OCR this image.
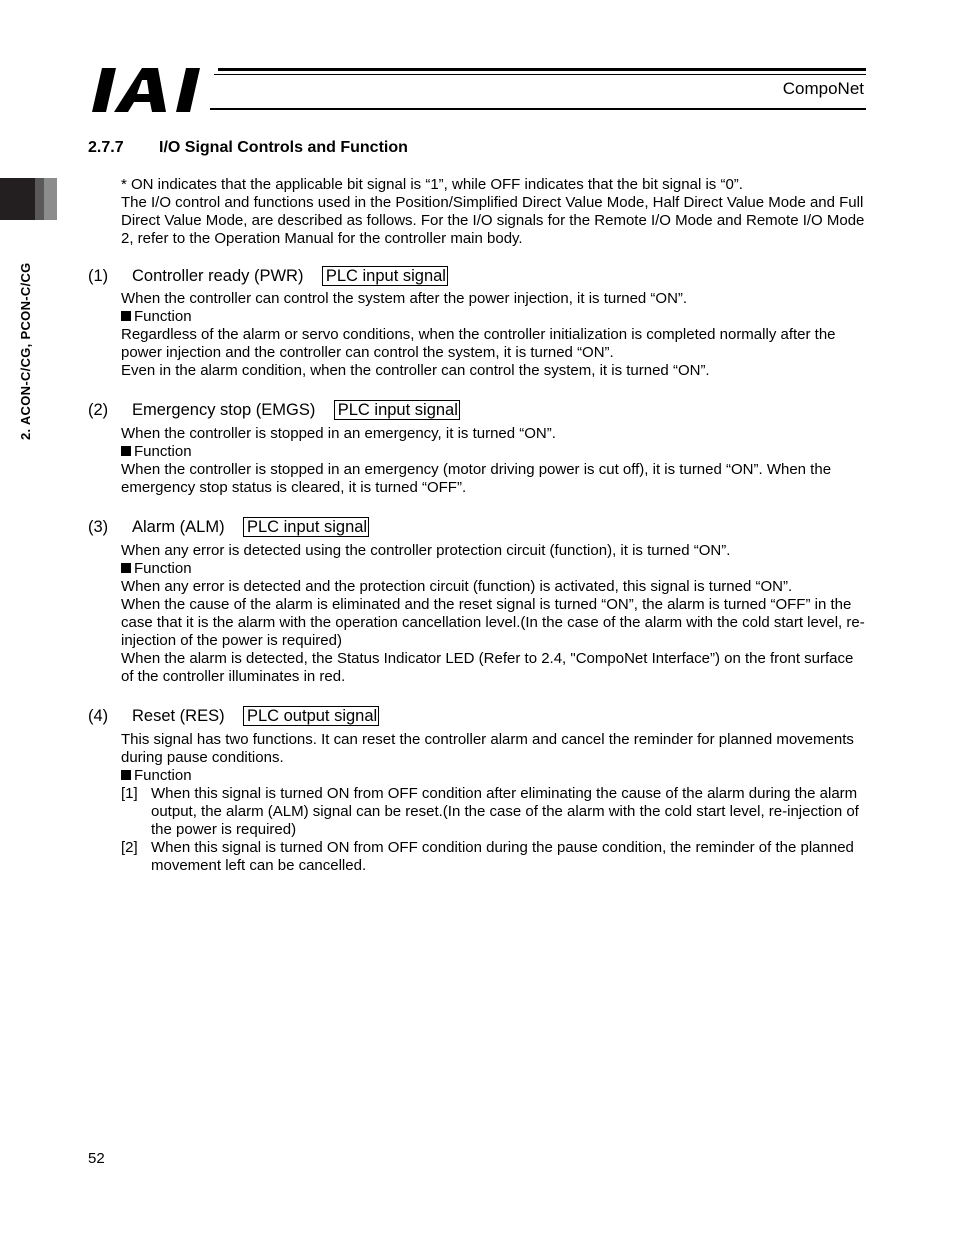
CompoNet
2. ACON-C/CG, PCON-C/CG
2.7.7 I/O Signal Controls and Function

* ON indicates that the applicable bit signal is “1”, while OFF indicates that the bit signal is “0”.

The I/O control and functions used in the Position/Simplified Direct Value Mode, Half Direct Value Mode and Full Direct Value Mode, are described as follows. For the I/O signals for the Remote I/O Mode and Remote I/O Mode 2, refer to the Operation Manual for the controller main body.

(1) Controller ready (PWR) PLC input signal

When the controller can control the system after the power injection, it is turned “ON”.

Function

Regardless of the alarm or servo conditions, when the controller initialization is completed normally after the power injection and the controller can control the system, it is turned “ON”.

Even in the alarm condition, when the controller can control the system, it is turned “ON”.

(2) Emergency stop (EMGS) PLC input signal

When the controller is stopped in an emergency, it is turned “ON”.

Function

When the controller is stopped in an emergency (motor driving power is cut off), it is turned “ON”. When the emergency stop status is cleared, it is turned “OFF”.

(3) Alarm (ALM) PLC input signal

When any error is detected using the controller protection circuit (function), it is turned “ON”.

Function

When any error is detected and the protection circuit (function) is activated, this signal is turned “ON”.

When the cause of the alarm is eliminated and the reset signal is turned “ON”, the alarm is turned “OFF” in the case that it is the alarm with the operation cancellation level.(In the case of the alarm with the cold start level, re-injection of the power is required)

When the alarm is detected, the Status Indicator LED (Refer to 2.4, "CompoNet Interface”) on the front surface of the controller illuminates in red.

(4) Reset (RES) PLC output signal

This signal has two functions. It can reset the controller alarm and cancel the reminder for planned movements during pause conditions.

Function

[1] When this signal is turned ON from OFF condition after eliminating the cause of the alarm during the alarm output, the alarm (ALM) signal can be reset.(In the case of the alarm with the cold start level, re-injection of the power is required)
[2] When this signal is turned ON from OFF condition during the pause condition, the reminder of the planned movement left can be cancelled.
52
